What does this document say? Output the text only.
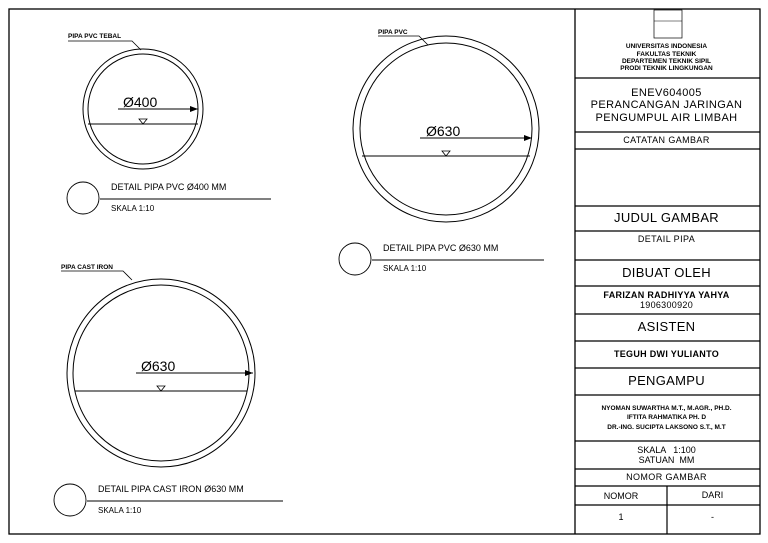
Ø400
PIPA PVC TEBAL
DETAIL PIPA PVC Ø400 MM
SKALA 1:10
Ø630
PIPA PVC
DETAIL PIPA PVC Ø630 MM
SKALA 1:10
Ø630
PIPA CAST IRON
DETAIL PIPA CAST IRON Ø630 MM
SKALA 1:10
UNIVERSITAS INDONESIA
FAKULTAS TEKNIK
DEPARTEMEN TEKNIK SIPIL
PRODI TEKNIK LINGKUNGAN
ENEV604005
PERANCANGAN JARINGAN
PENGUMPUL AIR LIMBAH
CATATAN GAMBAR
JUDUL GAMBAR
DETAIL PIPA
DIBUAT OLEH
FARIZAN RADHIYYA YAHYA
1906300920
ASISTEN
TEGUH DWI YULIANTO
PENGAMPU
NYOMAN SUWARTHA M.T., M.AGR., PH.D.
IFTITA RAHMATIKA PH. D
DR.-ING. SUCIPTA LAKSONO S.T., M.T
SKALA   1:100
SATUAN  MM
NOMOR GAMBAR
NOMOR	DARI
1	-
